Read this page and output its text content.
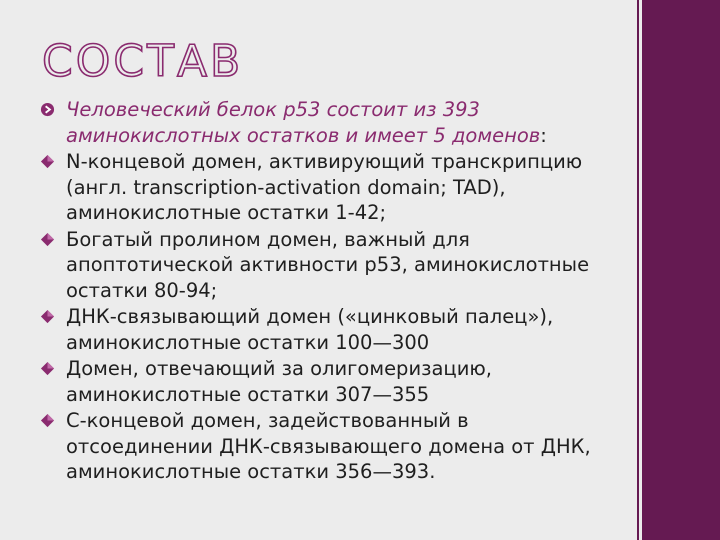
СОСТАВ
Человеческий белок p53 состоит из 393 аминокислотных остатков и имеет 5 доменов:
N-концевой домен, активирующий транскрипцию (англ. transcription-activation domain; TAD), аминокислотные остатки 1-42;
Богатый пролином домен, важный для апоптотической активности p53, аминокислотные остатки 80-94;
ДНК-связывающий домен («цинковый палец»), аминокислотные остатки 100—300
Домен, отвечающий за олигомеризацию, аминокислотные остатки 307—355
C-концевой домен, задействованный в отсоединении ДНК-связывающего домена от ДНК, аминокислотные остатки 356—393.
